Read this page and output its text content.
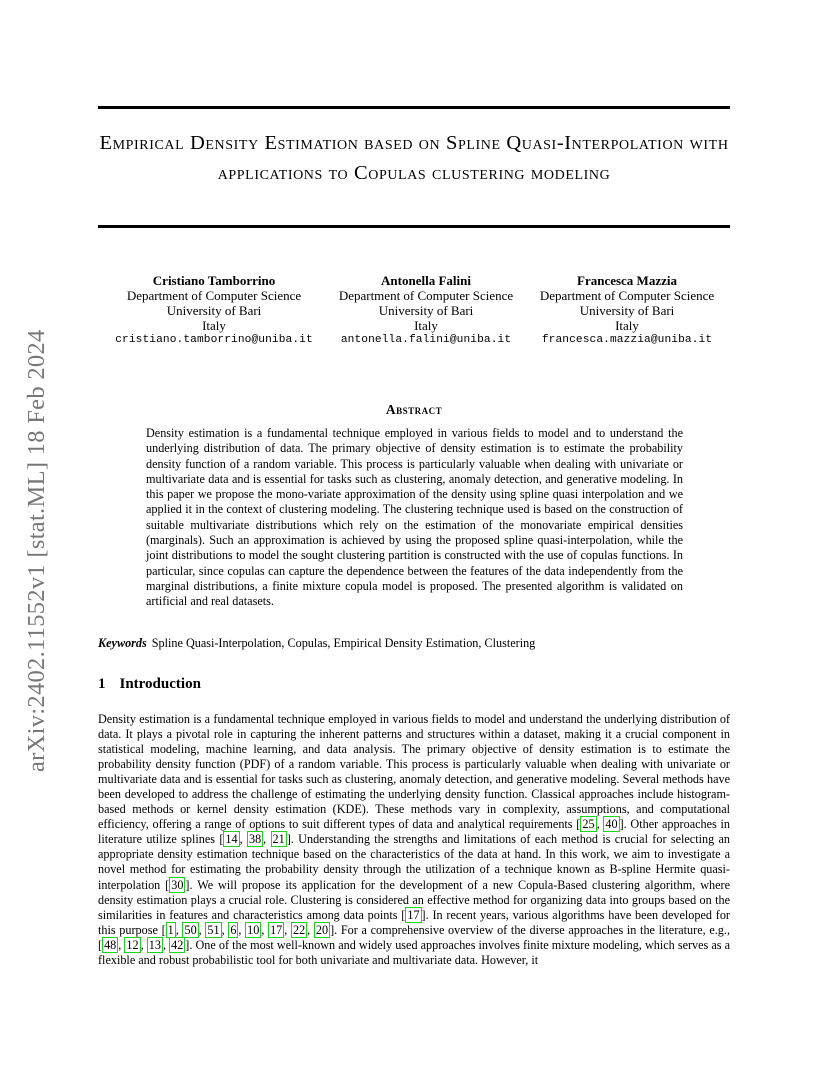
Empirical Density Estimation based on Spline Quasi-Interpolation with applications to Copulas clustering modeling
Cristiano Tamborrino
Department of Computer Science
University of Bari
Italy
cristiano.tamborrino@uniba.it
Antonella Falini
Department of Computer Science
University of Bari
Italy
antonella.falini@uniba.it
Francesca Mazzia
Department of Computer Science
University of Bari
Italy
francesca.mazzia@uniba.it
Abstract

Density estimation is a fundamental technique employed in various fields to model and to understand the underlying distribution of data. The primary objective of density estimation is to estimate the probability density function of a random variable. This process is particularly valuable when dealing with univariate or multivariate data and is essential for tasks such as clustering, anomaly detection, and generative modeling. In this paper we propose the mono-variate approximation of the density using spline quasi interpolation and we applied it in the context of clustering modeling. The clustering technique used is based on the construction of suitable multivariate distributions which rely on the estimation of the monovariate empirical densities (marginals). Such an approximation is achieved by using the proposed spline quasi-interpolation, while the joint distributions to model the sought clustering partition is constructed with the use of copulas functions. In particular, since copulas can capture the dependence between the features of the data independently from the marginal distributions, a finite mixture copula model is proposed. The presented algorithm is validated on artificial and real datasets.

Keywords Spline Quasi-Interpolation, Copulas, Empirical Density Estimation, Clustering

1 Introduction

Density estimation is a fundamental technique employed in various fields to model and understand the underlying distribution of data. It plays a pivotal role in capturing the inherent patterns and structures within a dataset, making it a crucial component in statistical modeling, machine learning, and data analysis. The primary objective of density estimation is to estimate the probability density function (PDF) of a random variable. This process is particularly valuable when dealing with univariate or multivariate data and is essential for tasks such as clustering, anomaly detection, and generative modeling. Several methods have been developed to address the challenge of estimating the underlying density function. Classical approaches include histogram-based methods or kernel density estimation (KDE). These methods vary in complexity, assumptions, and computational efficiency, offering a range of options to suit different types of data and analytical requirements [ 25 , 40 ]. Other approaches in literature utilize splines [ 14 , 38 , 21 ]. Understanding the strengths and limitations of each method is crucial for selecting an appropriate density estimation technique based on the characteristics of the data at hand. In this work, we aim to investigate a novel method for estimating the probability density through the utilization of a technique known as B-spline Hermite quasi-interpolation [ 30 ]. We will propose its application for the development of a new Copula-Based clustering algorithm, where density estimation plays a crucial role. Clustering is considered an effective method for organizing data into groups based on the similarities in features and characteristics among data points [ 17 ]. In recent years, various algorithms have been developed for this purpose [ 1 , 50 , 51 , 6 , 10 , 17 , 22 , 20 ]. For a comprehensive overview of the diverse approaches in the literature, e.g., [ 48 , 12 , 13 , 42 ]. One of the most well-known and widely used approaches involves finite mixture modeling, which serves as a flexible and robust probabilistic tool for both univariate and multivariate data. However, it

arXiv:2402.11552v1 [stat.ML] 18 Feb 2024
